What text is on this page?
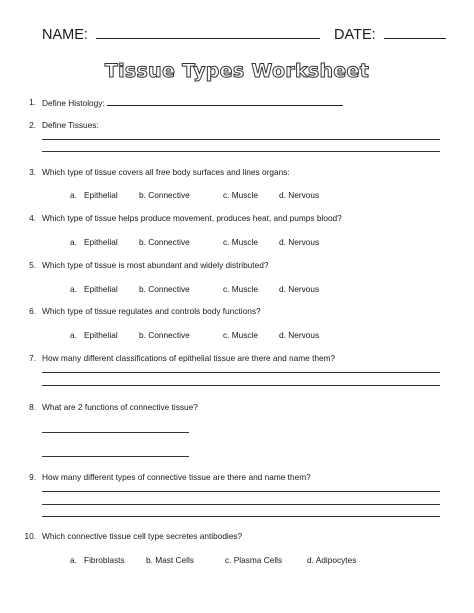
NAME:	DATE:
Tissue Types Worksheet
1. Define Histology:
2. Define Tissues:
3. Which type of tissue covers all free body surfaces and lines organs:
a. Epithelial	b. Connective	c. Muscle	d. Nervous
4. Which type of tissue helps produce movement, produces heat, and pumps blood?
a. Epithelial	b. Connective	c. Muscle	d. Nervous
5. Which type of tissue is most abundant and widely distributed?
a. Epithelial	b. Connective	c. Muscle	d. Nervous
6. Which type of tissue regulates and controls body functions?
a. Epithelial	b. Connective	c. Muscle	d. Nervous
7. How many different classifications of epithelial tissue are there and name them?
8. What are 2 functions of connective tissue?
9. How many different types of connective tissue are there and name them?
10. Which connective tissue cell type secretes antibodies?
a. Fibroblasts	b. Mast Cells	c. Plasma Cells	d. Adipocytes
